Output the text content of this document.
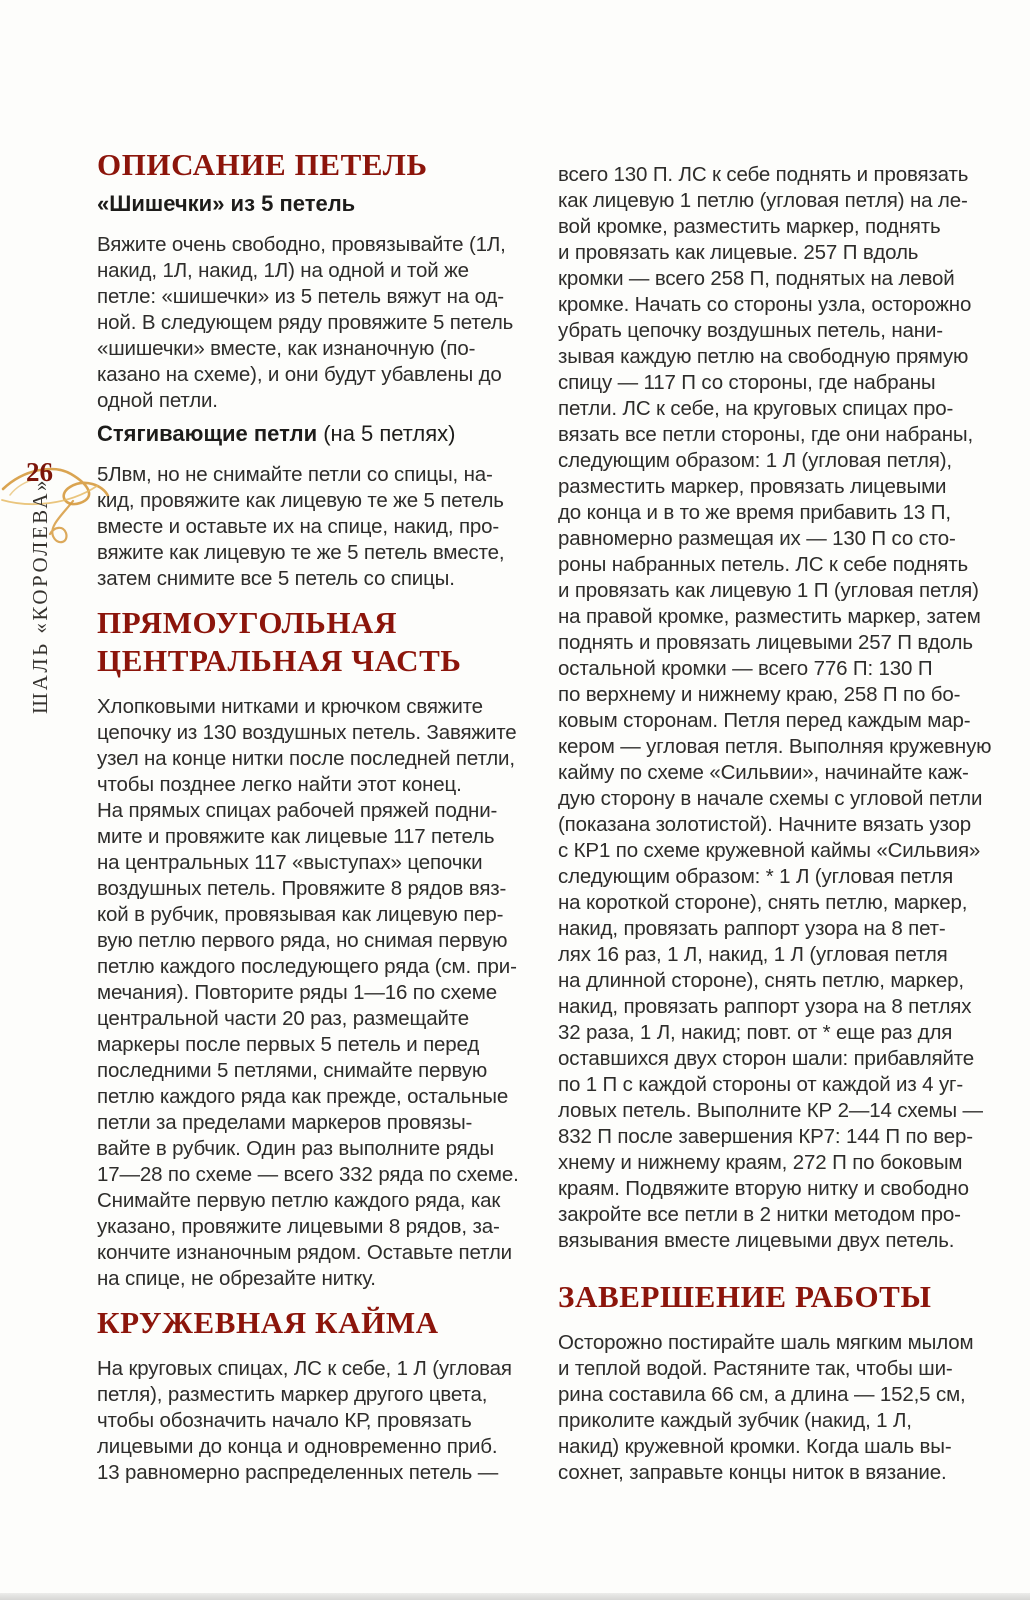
26
ШАЛЬ «КОРОЛЕВА»
ОПИСАНИЕ ПЕТЕЛЬ
«Шишечки» из 5 петель
Вяжите очень свободно, провязывайте (1Л,
накид, 1Л, накид, 1Л) на одной и той же
петле: «шишечки» из 5 петель вяжут на од-
ной. В следующем ряду провяжите 5 петель
«шишечки» вместе, как изнаночную (по-
казано на схеме), и они будут убавлены до
одной петли.
Стягивающие петли (на 5 петлях)
5Лвм, но не снимайте петли со спицы, на-
кид, провяжите как лицевую те же 5 петель
вместе и оставьте их на спице, накид, про-
вяжите как лицевую те же 5 петель вместе,
затем снимите все 5 петель со спицы.
ПРЯМОУГОЛЬНАЯ ЦЕНТРАЛЬНАЯ ЧАСТЬ
Хлопковыми нитками и крючком свяжите
цепочку из 130 воздушных петель. Завяжите
узел на конце нитки после последней петли,
чтобы позднее легко найти этот конец.
На прямых спицах рабочей пряжей подни-
мите и провяжите как лицевые 117 петель
на центральных 117 «выступах» цепочки
воздушных петель. Провяжите 8 рядов вяз-
кой в рубчик, провязывая как лицевую пер-
вую петлю первого ряда, но снимая первую
петлю каждого последующего ряда (см. при-
мечания). Повторите ряды 1—16 по схеме
центральной части 20 раз, размещайте
маркеры после первых 5 петель и перед
последними 5 петлями, снимайте первую
петлю каждого ряда как прежде, остальные
петли за пределами маркеров провязы-
вайте в рубчик. Один раз выполните ряды
17—28 по схеме — всего 332 ряда по схеме.
Снимайте первую петлю каждого ряда, как
указано, провяжите лицевыми 8 рядов, за-
кончите изнаночным рядом. Оставьте петли
на спице, не обрезайте нитку.
КРУЖЕВНАЯ КАЙМА
На круговых спицах, ЛС к себе, 1 Л (угловая
петля), разместить маркер другого цвета,
чтобы обозначить начало КР, провязать
лицевыми до конца и одновременно приб.
13 равномерно распределенных петель —
всего 130 П. ЛС к себе поднять и провязать
как лицевую 1 петлю (угловая петля) на ле-
вой кромке, разместить маркер, поднять
и провязать как лицевые. 257 П вдоль
кромки — всего 258 П, поднятых на левой
кромке. Начать со стороны узла, осторожно
убрать цепочку воздушных петель, нани-
зывая каждую петлю на свободную прямую
спицу — 117 П со стороны, где набраны
петли. ЛС к себе, на круговых спицах про-
вязать все петли стороны, где они набраны,
следующим образом: 1 Л (угловая петля),
разместить маркер, провязать лицевыми
до конца и в то же время прибавить 13 П,
равномерно размещая их — 130 П со сто-
роны набранных петель. ЛС к себе поднять
и провязать как лицевую 1 П (угловая петля)
на правой кромке, разместить маркер, затем
поднять и провязать лицевыми 257 П вдоль
остальной кромки — всего 776 П: 130 П
по верхнему и нижнему краю, 258 П по бо-
ковым сторонам. Петля перед каждым мар-
кером — угловая петля. Выполняя кружевную
кайму по схеме «Сильвии», начинайте каж-
дую сторону в начале схемы с угловой петли
(показана золотистой). Начните вязать узор
с КР1 по схеме кружевной каймы «Сильвия»
следующим образом: * 1 Л (угловая петля
на короткой стороне), снять петлю, маркер,
накид, провязать раппорт узора на 8 пет-
лях 16 раз, 1 Л, накид, 1 Л (угловая петля
на длинной стороне), снять петлю, маркер,
накид, провязать раппорт узора на 8 петлях
32 раза, 1 Л, накид; повт. от * еще раз для
оставшихся двух сторон шали: прибавляйте
по 1 П с каждой стороны от каждой из 4 уг-
ловых петель. Выполните КР 2—14 схемы —
832 П после завершения КР7: 144 П по вер-
хнему и нижнему краям, 272 П по боковым
краям. Подвяжите вторую нитку и свободно
закройте все петли в 2 нитки методом про-
вязывания вместе лицевыми двух петель.
ЗАВЕРШЕНИЕ РАБОТЫ
Осторожно постирайте шаль мягким мылом
и теплой водой. Растяните так, чтобы ши-
рина составила 66 см, а длина — 152,5 см,
приколите каждый зубчик (накид, 1 Л,
накид) кружевной кромки. Когда шаль вы-
сохнет, заправьте концы ниток в вязание.
